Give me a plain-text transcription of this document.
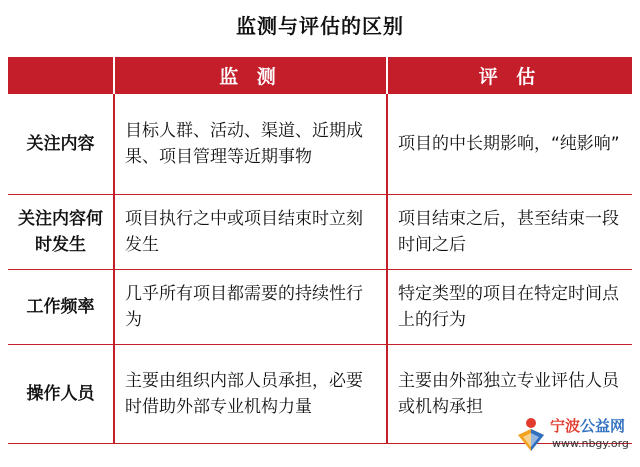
监测与评估的区别
	监 测	评 估
关注内容	目标人群、活动、渠道、近期成果、项目管理等近期事物	项目的中长期影响，“纯影响”
关注内容何时发生	项目执行之中或项目结束时立刻发生	项目结束之后，甚至结束一段时间之后
工作频率	几乎所有项目都需要的持续性行为	特定类型的项目在特定时间点上的行为
操作人员	主要由组织内部人员承担，必要时借助外部专业机构力量	主要由外部独立专业评估人员或机构承担
宁波公益网
www.nbgy.org
